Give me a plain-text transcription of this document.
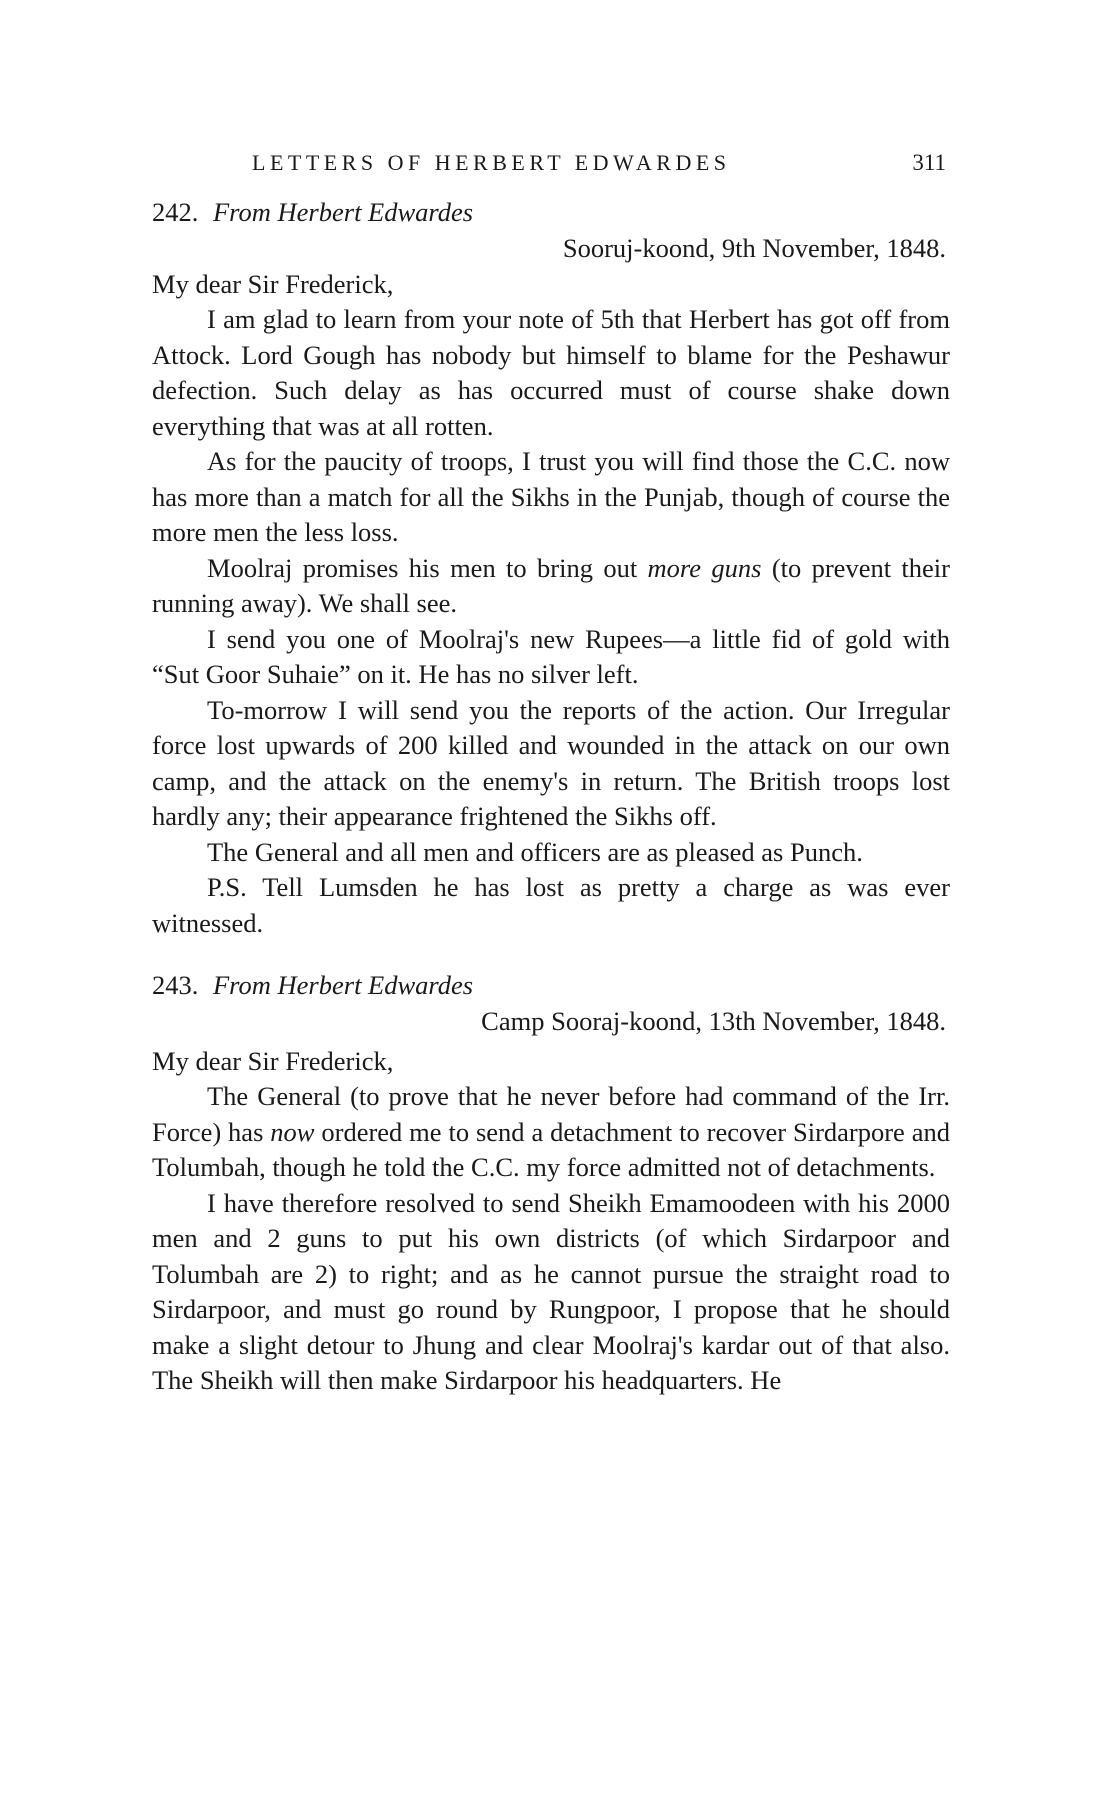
LETTERS OF HERBERT EDWARDES	311
242. From Herbert Edwardes
Sooruj-koond, 9th November, 1848.

My dear Sir Frederick,

I am glad to learn from your note of 5th that Herbert has got off from Attock. Lord Gough has nobody but himself to blame for the Peshawur defection. Such delay as has occurred must of course shake down everything that was at all rotten.

As for the paucity of troops, I trust you will find those the C.C. now has more than a match for all the Sikhs in the Punjab, though of course the more men the less loss.

Moolraj promises his men to bring out more guns (to prevent their running away). We shall see.

I send you one of Moolraj's new Rupees—a little fid of gold with “Sut Goor Suhaie” on it. He has no silver left.

To-morrow I will send you the reports of the action. Our Irregular force lost upwards of 200 killed and wounded in the attack on our own camp, and the attack on the enemy's in return. The British troops lost hardly any; their appearance frightened the Sikhs off.

The General and all men and officers are as pleased as Punch.

P.S. Tell Lumsden he has lost as pretty a charge as was ever witnessed.

243. From Herbert Edwardes
Camp Sooraj-koond, 13th November, 1848.

My dear Sir Frederick,

The General (to prove that he never before had command of the Irr. Force) has now ordered me to send a detachment to recover Sirdarpore and Tolumbah, though he told the C.C. my force admitted not of detachments.

I have therefore resolved to send Sheikh Emamoodeen with his 2000 men and 2 guns to put his own districts (of which Sirdarpoor and Tolumbah are 2) to right; and as he cannot pursue the straight road to Sirdarpoor, and must go round by Rungpoor, I propose that he should make a slight detour to Jhung and clear Moolraj's kardar out of that also. The Sheikh will then make Sirdarpoor his headquarters. He
